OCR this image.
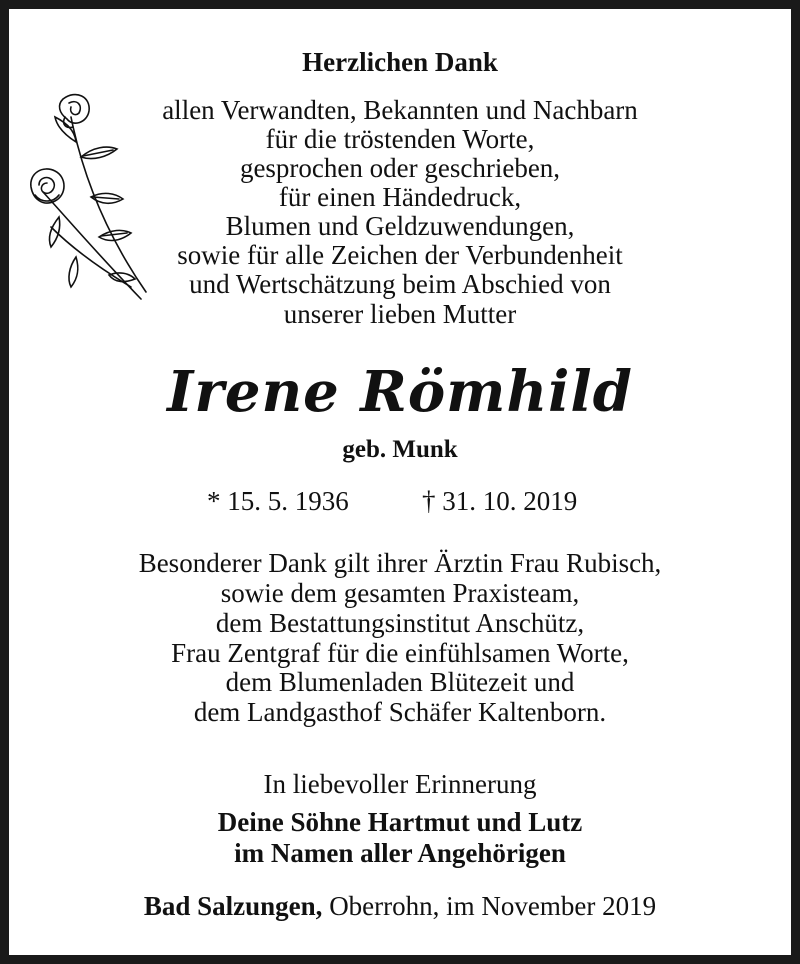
Herzlichen Dank
allen Verwandten, Bekannten und Nachbarn
für die tröstenden Worte,
gesprochen oder geschrieben,
für einen Händedruck,
Blumen und Geldzuwendungen,
sowie für alle Zeichen der Verbundenheit
und Wertschätzung beim Abschied von
unserer lieben Mutter
Irene Römhild
geb. Munk
* 15. 5. 1936	† 31. 10. 2019
Besonderer Dank gilt ihrer Ärztin Frau Rubisch,
sowie dem gesamten Praxisteam,
dem Bestattungsinstitut Anschütz,
Frau Zentgraf für die einfühlsamen Worte,
dem Blumenladen Blütezeit und
dem Landgasthof Schäfer Kaltenborn.
In liebevoller Erinnerung
Deine Söhne Hartmut und Lutz
im Namen aller Angehörigen
Bad Salzungen, Oberrohn, im November 2019
